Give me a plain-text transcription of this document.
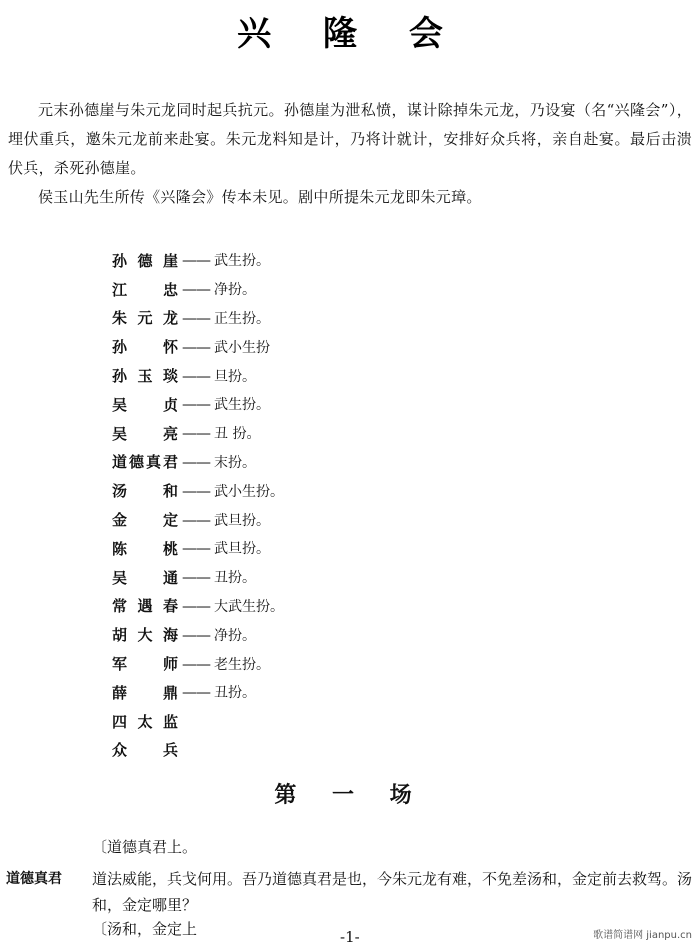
兴 隆 会

元末孙德崖与朱元龙同时起兵抗元。孙德崖为泄私愤，谋计除掉朱元龙，乃设宴（名“兴隆会”），埋伏重兵，邀朱元龙前来赴宴。朱元龙料知是计，乃将计就计，安排好众兵将，亲自赴宴。最后击溃伏兵，杀死孙德崖。

侯玉山先生所传《兴隆会》传本未见。剧中所提朱元龙即朱元璋。

孙德崖 —— 武生扮。
江忠 —— 净扮。
朱元龙 —— 正生扮。
孙怀 —— 武小生扮
孙玉琰 —— 旦扮。
吴贞 —— 武生扮。
吴亮 —— 丑 扮。
道德真君 —— 末扮。
汤和 —— 武小生扮。
金定 —— 武旦扮。
陈桃 —— 武旦扮。
吴通 —— 丑扮。
常遇春 —— 大武生扮。
胡大海 —— 净扮。
军师 —— 老生扮。
薛鼎 —— 丑扮。
四太监
众兵
第 一 场
〔道德真君上。
道德真君 道法威能，兵戈何用。吾乃道德真君是也，今朱元龙有难，不免差汤和，金定前去救驾。汤和，金定哪里？
〔汤和，金定上	-1-	歌谱简谱网 jianpu.cn
